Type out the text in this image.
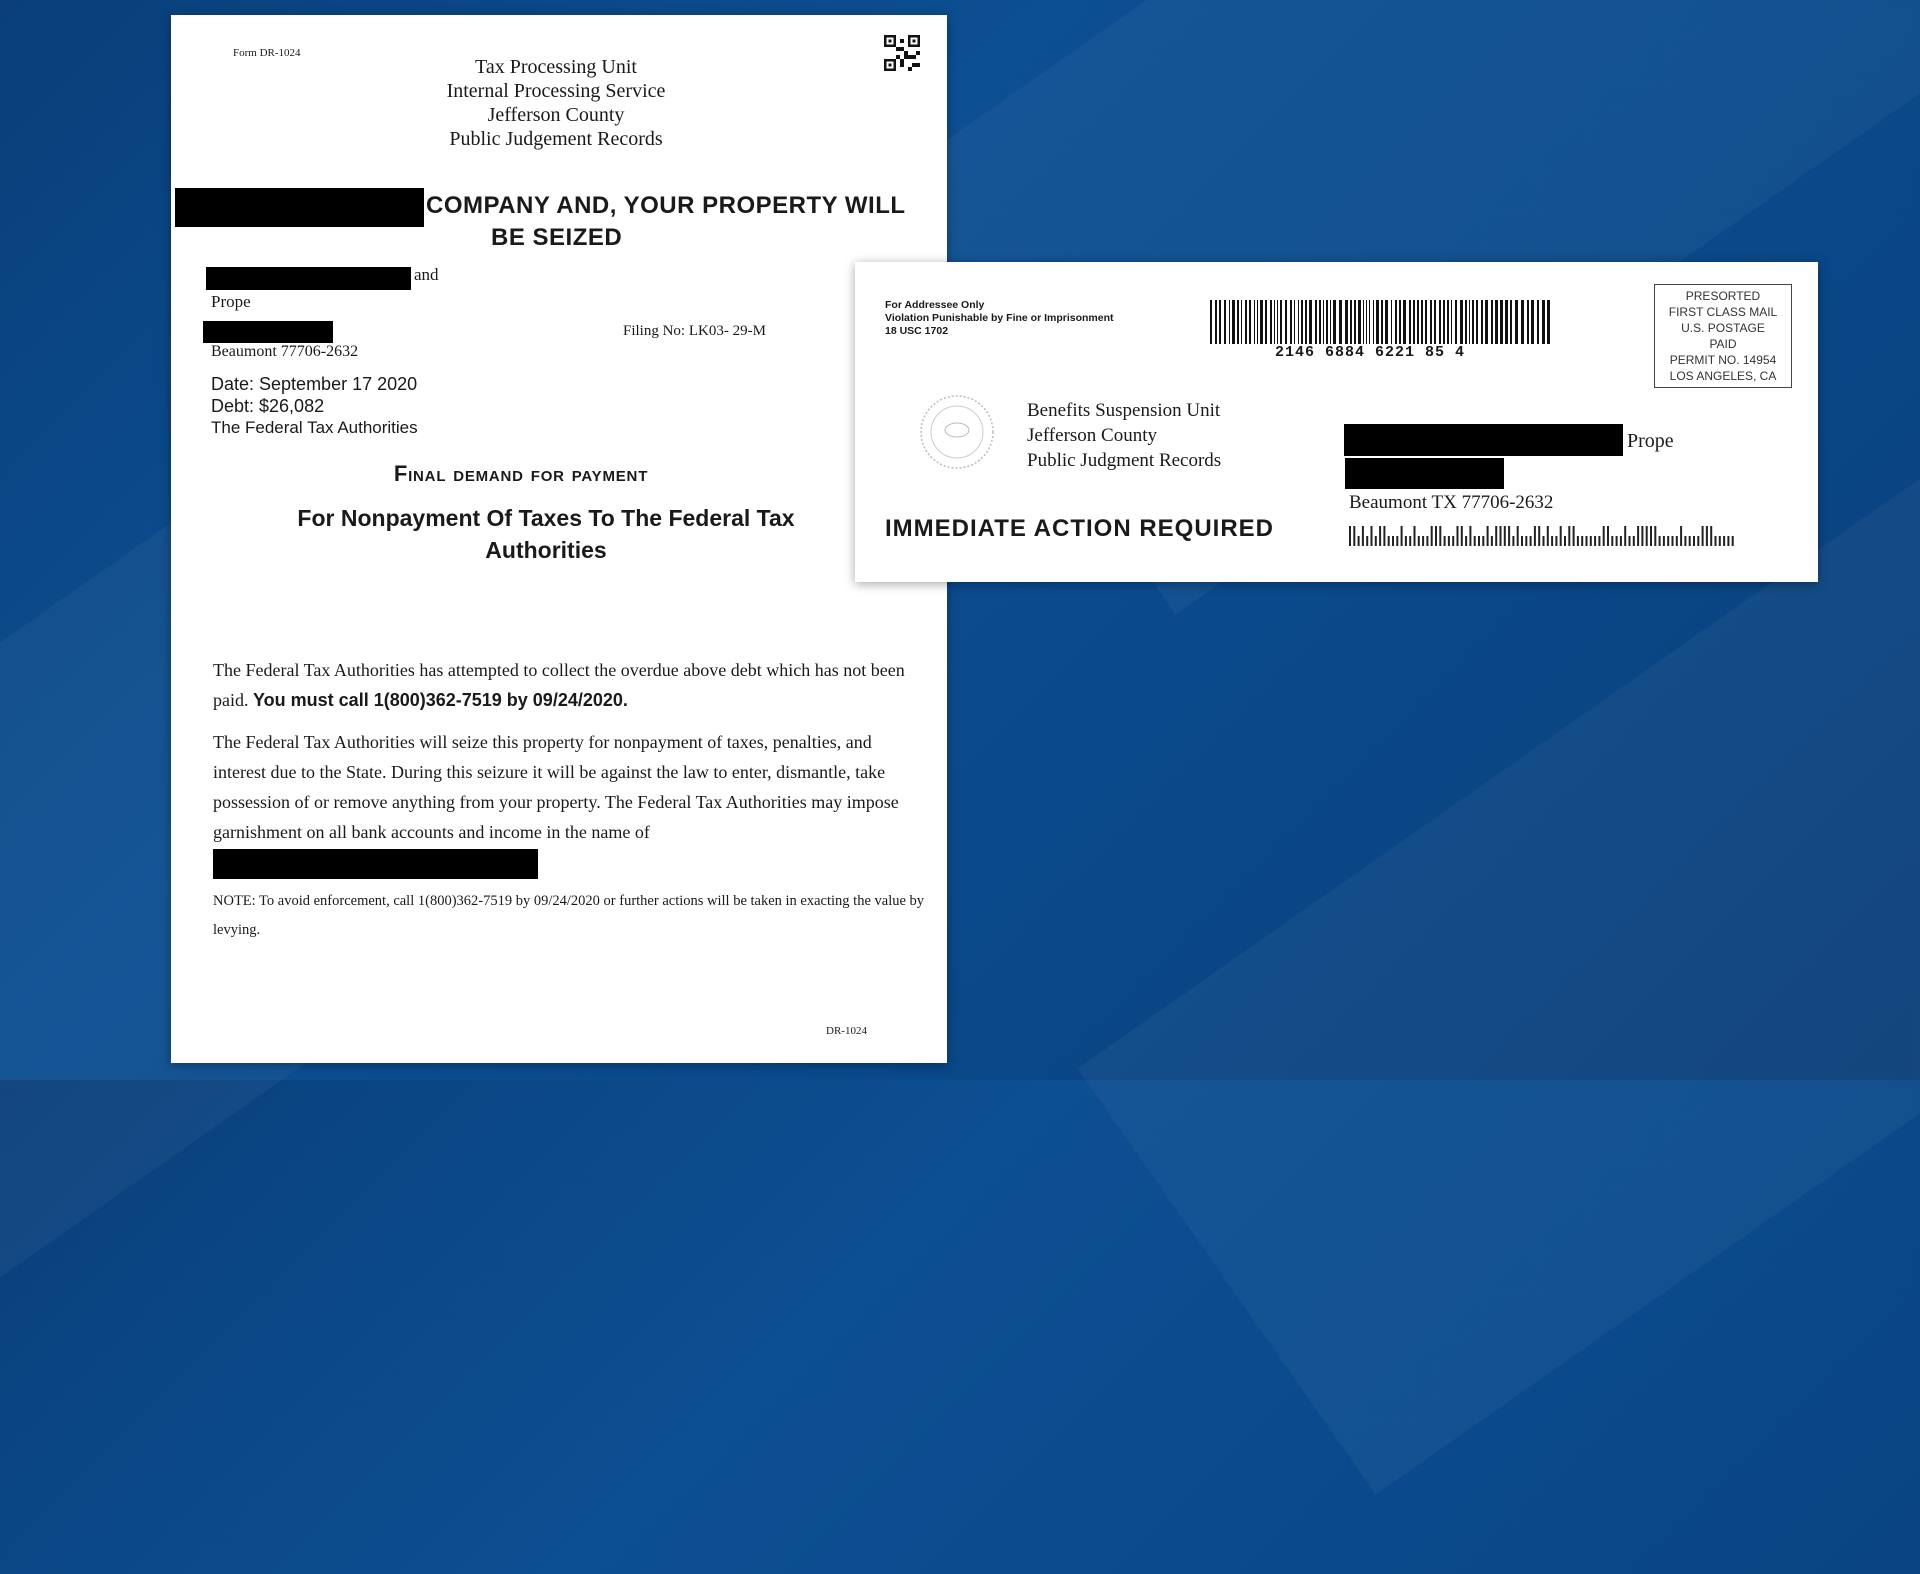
Form DR-1024
Tax Processing Unit
Internal Processing Service
Jefferson County
Public Judgement Records
COMPANY AND, YOUR PROPERTY WILL
BE SEIZED
and
Prope
Beaumont 77706-2632
Filing No: LK03- 29-M
Date: September 17 2020
Debt: $26,082
The Federal Tax Authorities
Final demand for payment
For Nonpayment Of Taxes To The Federal Tax
Authorities
The Federal Tax Authorities has attempted to collect the overdue above debt which has not been paid. You must call 1(800)362-7519 by 09/24/2020.
The Federal Tax Authorities will seize this property for nonpayment of taxes, penalties, and interest due to the State. During this seizure it will be against the law to enter, dismantle, take possession of or remove anything from your property. The Federal Tax Authorities may impose garnishment on all bank accounts and income in the name of
NOTE: To avoid enforcement, call 1(800)362-7519 by 09/24/2020 or further actions will be taken in exacting the value by levying.
DR-1024
For Addressee Only
Violation Punishable by Fine or Imprisonment
18 USC 1702
2146 6884 6221 85 4
PRESORTED
FIRST CLASS MAIL
U.S. POSTAGE
PAID
PERMIT NO. 14954
LOS ANGELES, CA
Benefits Suspension Unit
Jefferson County
Public Judgment Records
IMMEDIATE ACTION REQUIRED
Prope
Beaumont TX 77706-2632
